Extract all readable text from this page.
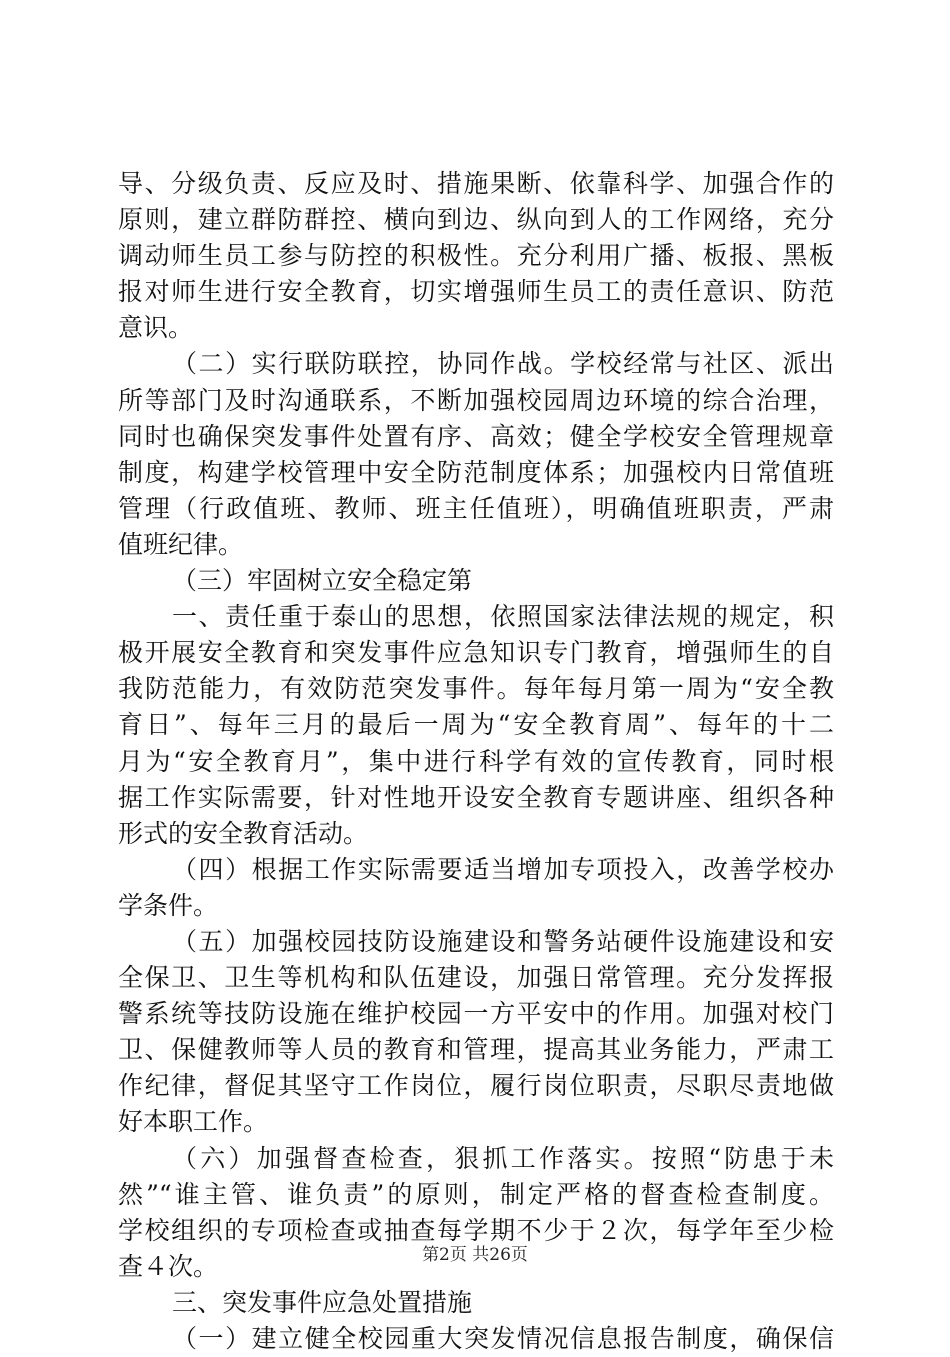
导、分级负责、反应及时、措施果断、依靠科学、加强合作的
原则，建立群防群控、横向到边、纵向到人的工作网络，充分
调动师生员工参与防控的积极性。充分利用广播、板报、黑板
报对师生进行安全教育，切实增强师生员工的责任意识、防范
意识。
（二）实行联防联控，协同作战。学校经常与社区、派出
所等部门及时沟通联系，不断加强校园周边环境的综合治理，
同时也确保突发事件处置有序、高效；健全学校安全管理规章
制度，构建学校管理中安全防范制度体系；加强校内日常值班
管理（行政值班、教师、班主任值班），明确值班职责，严肃
值班纪律。
（三）牢固树立安全稳定第
一、责任重于泰山的思想，依照国家法律法规的规定，积
极开展安全教育和突发事件应急知识专门教育，增强师生的自
我防范能力，有效防范突发事件。每年每月第一周为“安全教
育日”、每年三月的最后一周为“安全教育周”、每年的十二
月为“安全教育月”，集中进行科学有效的宣传教育，同时根
据工作实际需要，针对性地开设安全教育专题讲座、组织各种
形式的安全教育活动。
（四）根据工作实际需要适当增加专项投入，改善学校办
学条件。
（五）加强校园技防设施建设和警务站硬件设施建设和安
全保卫、卫生等机构和队伍建设，加强日常管理。充分发挥报
警系统等技防设施在维护校园一方平安中的作用。加强对校门
卫、保健教师等人员的教育和管理，提高其业务能力，严肃工
作纪律，督促其坚守工作岗位，履行岗位职责，尽职尽责地做
好本职工作。
（六）加强督查检查，狠抓工作落实。按照“防患于未
然”“谁主管、谁负责”的原则，制定严格的督查检查制度。
学校组织的专项检查或抽查每学期不少于２次，每学年至少检
查４次。
三、突发事件应急处置措施
（一）建立健全校园重大突发情况信息报告制度，确保信
第2页 共26页
